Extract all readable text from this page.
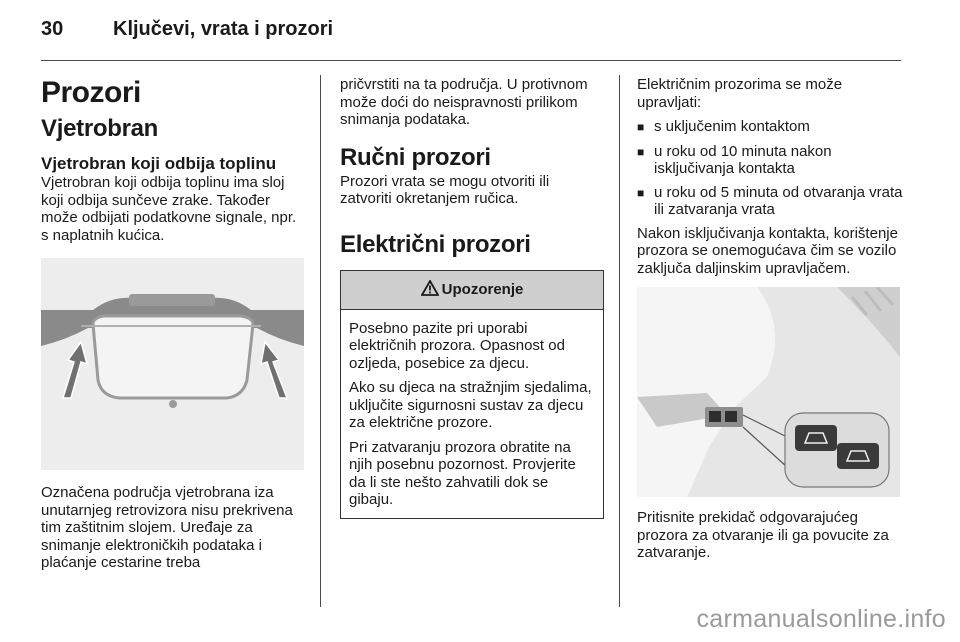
30 Ključevi, vrata i prozori
Prozori
Vjetrobran
Vjetrobran koji odbija toplinu

Vjetrobran koji odbija toplinu ima sloj koji odbija sunčeve zrake. Također može odbijati podatkovne signale, npr. s naplatnih kućica.

Označena područja vjetrobrana iza unutarnjeg retrovizora nisu prekrivena tim zaštitnim slojem. Uređaje za snimanje elektroničkih podataka i plaćanje cestarine treba

pričvrstiti na ta područja. U protivnom može doći do neispravnosti prilikom snimanja podataka.

Ručni prozori

Prozori vrata se mogu otvoriti ili zatvoriti okretanjem ručica.

Električni prozori
Upozorenje

Posebno pazite pri uporabi električnih prozora. Opasnost od ozljeda, posebice za djecu.

Ako su djeca na stražnjim sjedalima, uključite sigurnosni sustav za djecu za električne prozore.

Pri zatvaranju prozora obratite na njih posebnu pozornost. Provjerite da li ste nešto zahvatili dok se gibaju.

Električnim prozorima se može upravljati:

■ s uključenim kontaktom
■ u roku od 10 minuta nakon isključivanja kontakta
■ u roku od 5 minuta od otvaranja vrata ili zatvaranja vrata

Nakon isključivanja kontakta, korištenje prozora se onemogućava čim se vozilo zaključa daljinskim upravljačem.

Pritisnite prekidač odgovarajućeg prozora za otvaranje ili ga povucite za zatvaranje.

carmanualsonline.info
